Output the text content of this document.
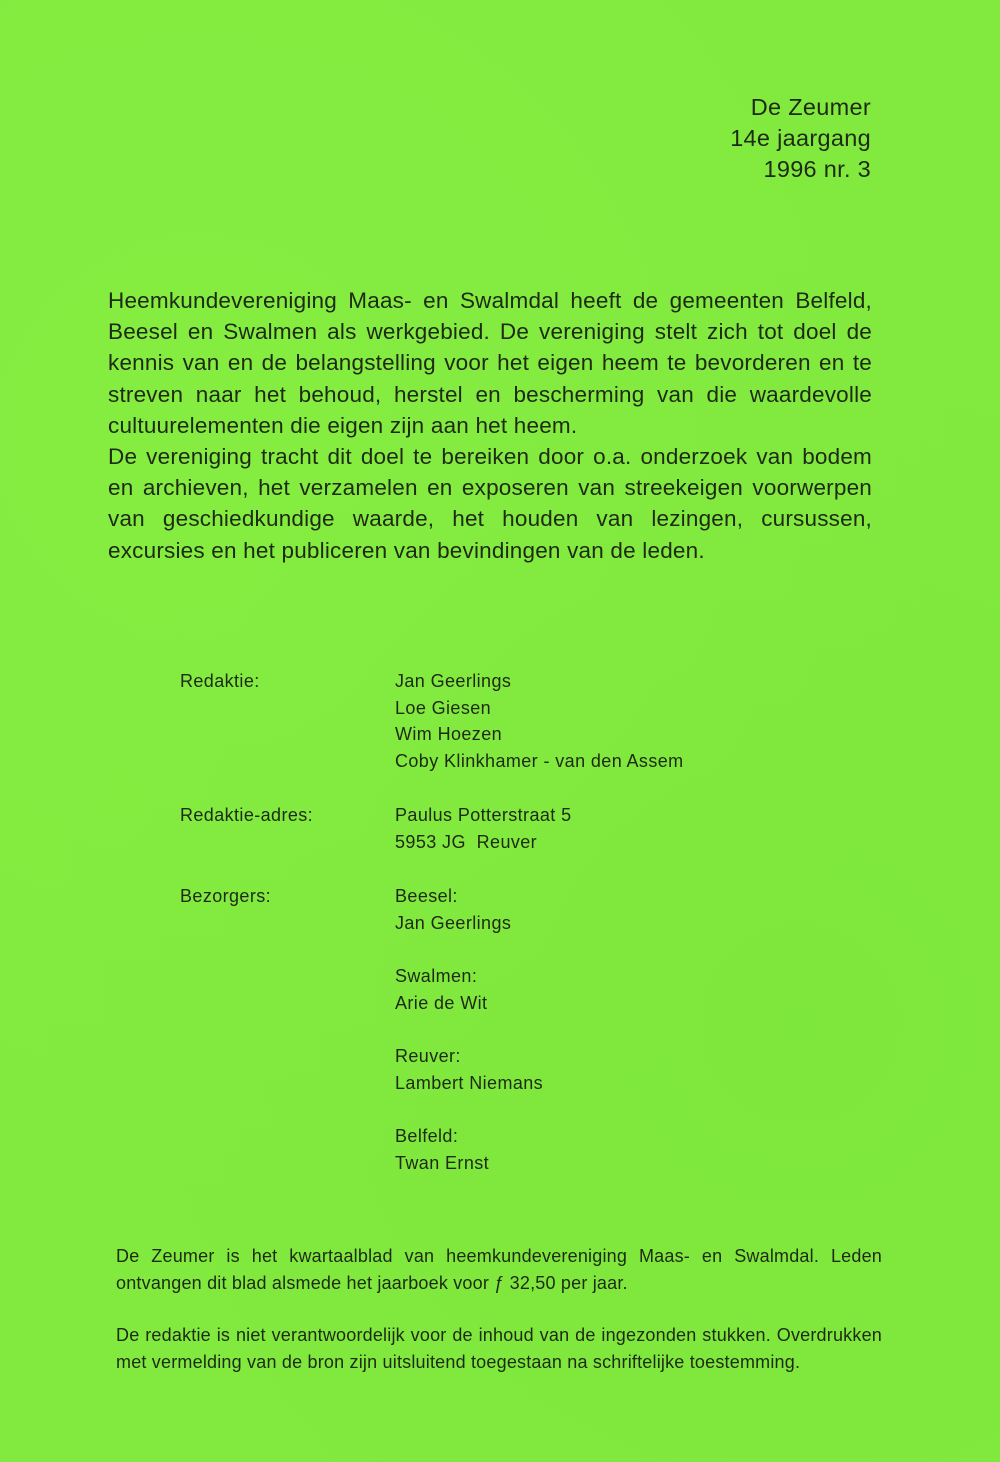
De Zeumer
14e jaargang
1996 nr. 3

Heemkundevereniging Maas- en Swalmdal heeft de gemeenten Belfeld, Beesel en Swalmen als werkgebied. De vereniging stelt zich tot doel de kennis van en de belangstelling voor het eigen heem te bevorderen en te streven naar het behoud, herstel en bescherming van die waardevolle cultuurelementen die eigen zijn aan het heem.

De vereniging tracht dit doel te bereiken door o.a. onderzoek van bodem en archieven, het verzamelen en exposeren van streekeigen voorwerpen van geschiedkundige waarde, het houden van lezingen, cursussen, excursies en het publiceren van bevindingen van de leden.

Redaktie:	Jan Geerlings
Loe Giesen
Wim Hoezen
Coby Klinkhamer - van den Assem
Redaktie-adres:	Paulus Potterstraat 5
5953 JG  Reuver
Bezorgers:	Beesel:
Jan Geerlings
Swalmen:
Arie de Wit
Reuver:
Lambert Niemans
Belfeld:
Twan Ernst

De Zeumer is het kwartaalblad van heemkundevereniging Maas- en Swalmdal. Leden ontvangen dit blad alsmede het jaarboek voor ƒ 32,50 per jaar.

De redaktie is niet verantwoordelijk voor de inhoud van de ingezonden stukken. Overdrukken met vermelding van de bron zijn uitsluitend toegestaan na schriftelijke toestemming.
